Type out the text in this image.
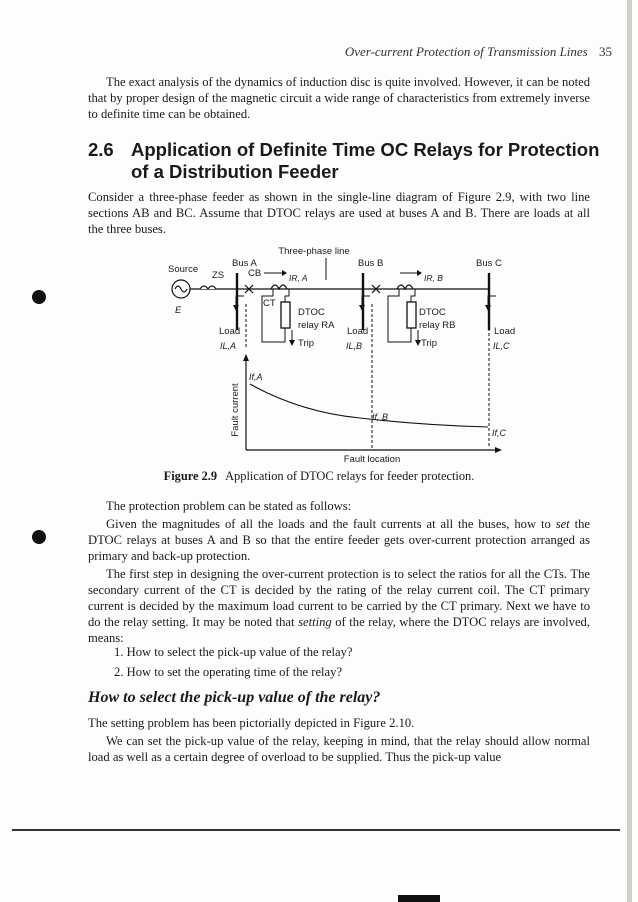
Over-current Protection of Transmission Lines 35
The exact analysis of the dynamics of induction disc is quite involved. However, it can be noted that by proper design of the magnetic circuit a wide range of characteristics from extremely inverse to definite time can be obtained.
2.6 Application of Definite Time OC Relays for Protection of a Distribution Feeder
Consider a three-phase feeder as shown in the single-line diagram of Figure 2.9, with two line sections AB and BC. Assume that DTOC relays are used at buses A and B. There are loads at all the three buses.
Three-phase line
Source
ZS
Bus A	Bus B	Bus C
E
CB	IR, A	IR, B
CT
DTOC
relay RA
DTOC
relay RB
Trip	Trip
Load	Load	Load
IL,A	IL,B	IL,C
If,A
If, B
If,C
Fault current
Fault location
Figure 2.9 Application of DTOC relays for feeder protection.
The protection problem can be stated as follows:
Given the magnitudes of all the loads and the fault currents at all the buses, how to set the DTOC relays at buses A and B so that the entire feeder gets over-current protection arranged as primary and back-up protection.
The first step in designing the over-current protection is to select the ratios for all the CTs. The secondary current of the CT is decided by the rating of the relay current coil. The CT primary current is decided by the maximum load current to be carried by the CT primary. Next we have to do the relay setting. It may be noted that setting of the relay, where the DTOC relays are involved, means:
1. How to select the pick-up value of the relay?
2. How to set the operating time of the relay?
How to select the pick-up value of the relay?
The setting problem has been pictorially depicted in Figure 2.10.
We can set the pick-up value of the relay, keeping in mind, that the relay should allow normal load as well as a certain degree of overload to be supplied. Thus the pick-up value
